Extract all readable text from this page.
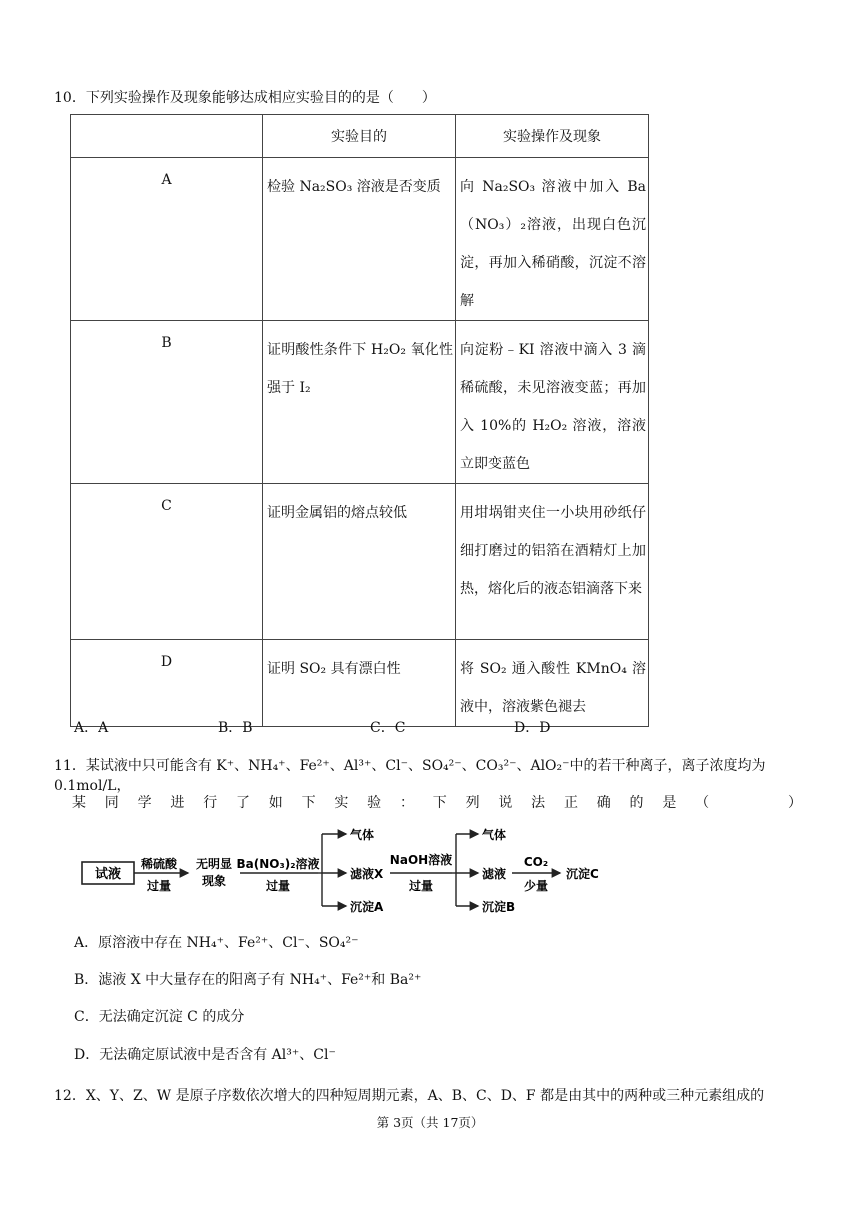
10．下列实验操作及现象能够达成相应实验目的的是（　　）
	实验目的	实验操作及现象
A	检验 Na₂SO₃ 溶液是否变质	向 Na₂SO₃ 溶液中加入 Ba（NO₃）₂溶液，出现白色沉淀，再加入稀硝酸，沉淀不溶解

B	证明酸性条件下 H₂O₂ 氧化性强于 I₂	向淀粉﹣KI 溶液中滴入 3 滴稀硫酸，未见溶液变蓝；再加入 10%的 H₂O₂ 溶液，溶液立即变蓝色

C	证明金属铝的熔点较低	用坩埚钳夹住一小块用砂纸仔细打磨过的铝箔在酒精灯上加热，熔化后的液态铝滴落下来

D	证明 SO₂ 具有漂白性	将 SO₂ 通入酸性 KMnO₄ 溶液中，溶液紫色褪去
A．A	B．B	C．C	D．D
11．某试液中只可能含有 K⁺、NH₄⁺、Fe²⁺、Al³⁺、Cl⁻、SO₄²⁻、CO₃²⁻、AlO₂⁻中的若干种离子，离子浓度均为 0.1mol/L，
某 同 学 进 行 了 如 下 实 验 ： 下 列 说 法 正 确 的 是 （	）
试液
稀硫酸
过量
无明显
现象
Ba(NO₃)₂溶液
过量
气体
滤液X
沉淀A
NaOH溶液
过量
气体
滤液
沉淀B
CO₂
少量
沉淀C
A．原溶液中存在 NH₄⁺、Fe²⁺、Cl⁻、SO₄²⁻
B．滤液 X 中大量存在的阳离子有 NH₄⁺、Fe²⁺和 Ba²⁺
C．无法确定沉淀 C 的成分
D．无法确定原试液中是否含有 Al³⁺、Cl⁻
12．X、Y、Z、W 是原子序数依次增大的四种短周期元素，A、B、C、D、F 都是由其中的两种或三种元素组成的
第 3页（共 17页）
